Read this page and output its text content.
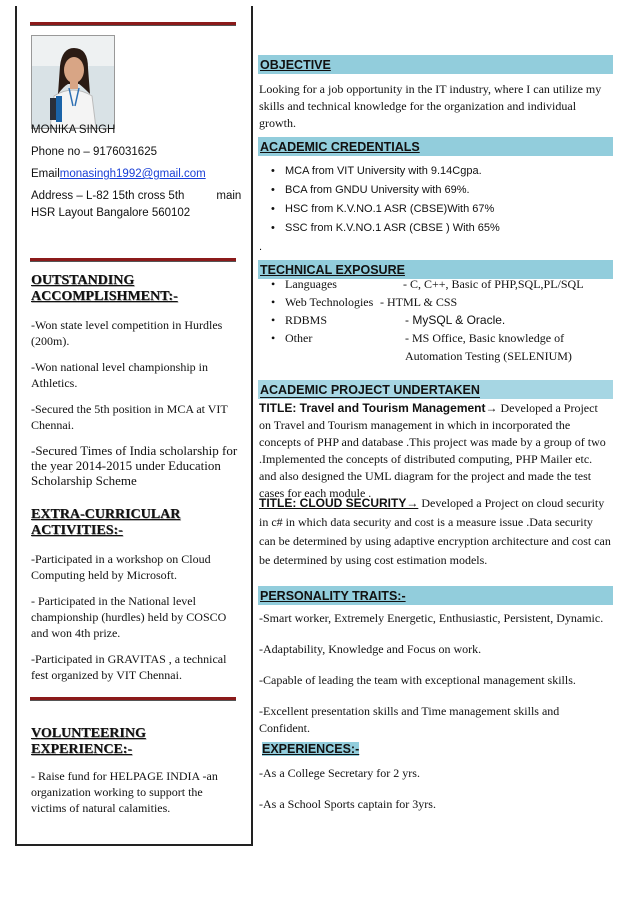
MONIKA SINGH
Phone no – 9176031625
Emailmonasingh1992@gmail.com
Address – L-82 15th cross 5th          main
HSR Layout Bangalore 560102
OUTSTANDING ACCOMPLISHMENT:-
-Won state level competition in Hurdles (200m).
-Won national level championship in Athletics.
-Secured the 5th position in MCA at VIT Chennai.
-Secured Times of India scholarship for the year 2014-2015 under Education Scholarship Scheme
EXTRA-CURRICULAR ACTIVITIES:-
-Participated in a workshop on Cloud Computing held by Microsoft.
- Participated in the National level championship (hurdles) held by COSCO and won 4th prize.
-Participated in GRAVITAS , a technical fest organized by VIT Chennai.
VOLUNTEERING EXPERIENCE:-
- Raise fund for HELPAGE INDIA -an organization working to support the victims of natural calamities.
OBJECTIVE
Looking for a job opportunity in the IT industry, where I can utilize my skills and technical knowledge for the organization and individual growth.
ACADEMIC CREDENTIALS
• MCA from VIT University with 9.14Cgpa.
• BCA from GNDU University with 69%.
• HSC from K.V.NO.1 ASR (CBSE)With 67%
• SSC from K.V.NO.1 ASR (CBSE ) With 65%
.
TECHNICAL EXPOSURE
• Languages	- C, C++, Basic of PHP,SQL,PL/SQL
• Web Technologies - HTML & CSS
• RDBMS	- MySQL & Oracle.
• Other	- MS Office, Basic knowledge of Automation Testing (SELENIUM)
ACADEMIC PROJECT UNDERTAKEN
TITLE: Travel and Tourism Management→ Developed a Project on Travel and Tourism management in which in incorporated the concepts of PHP and database .This project was made by a group of two .Implemented the concepts of distributed computing, PHP Mailer etc. and also designed the UML diagram for the project and made the test cases for each module .
TITLE: CLOUD SECURITY→ Developed a Project on cloud security in c# in which data security and cost is a measure issue .Data security can be determined by using adaptive encryption architecture and cost can be determined by using cost estimation models.
PERSONALITY TRAITS:-
-Smart worker, Extremely Energetic, Enthusiastic, Persistent, Dynamic.
-Adaptability, Knowledge and Focus on work.
-Capable of leading the team with exceptional management skills.
-Excellent presentation skills and Time management skills and Confident.
EXPERIENCES:-
-As a College Secretary for 2 yrs.
-As a School Sports captain for 3yrs.
